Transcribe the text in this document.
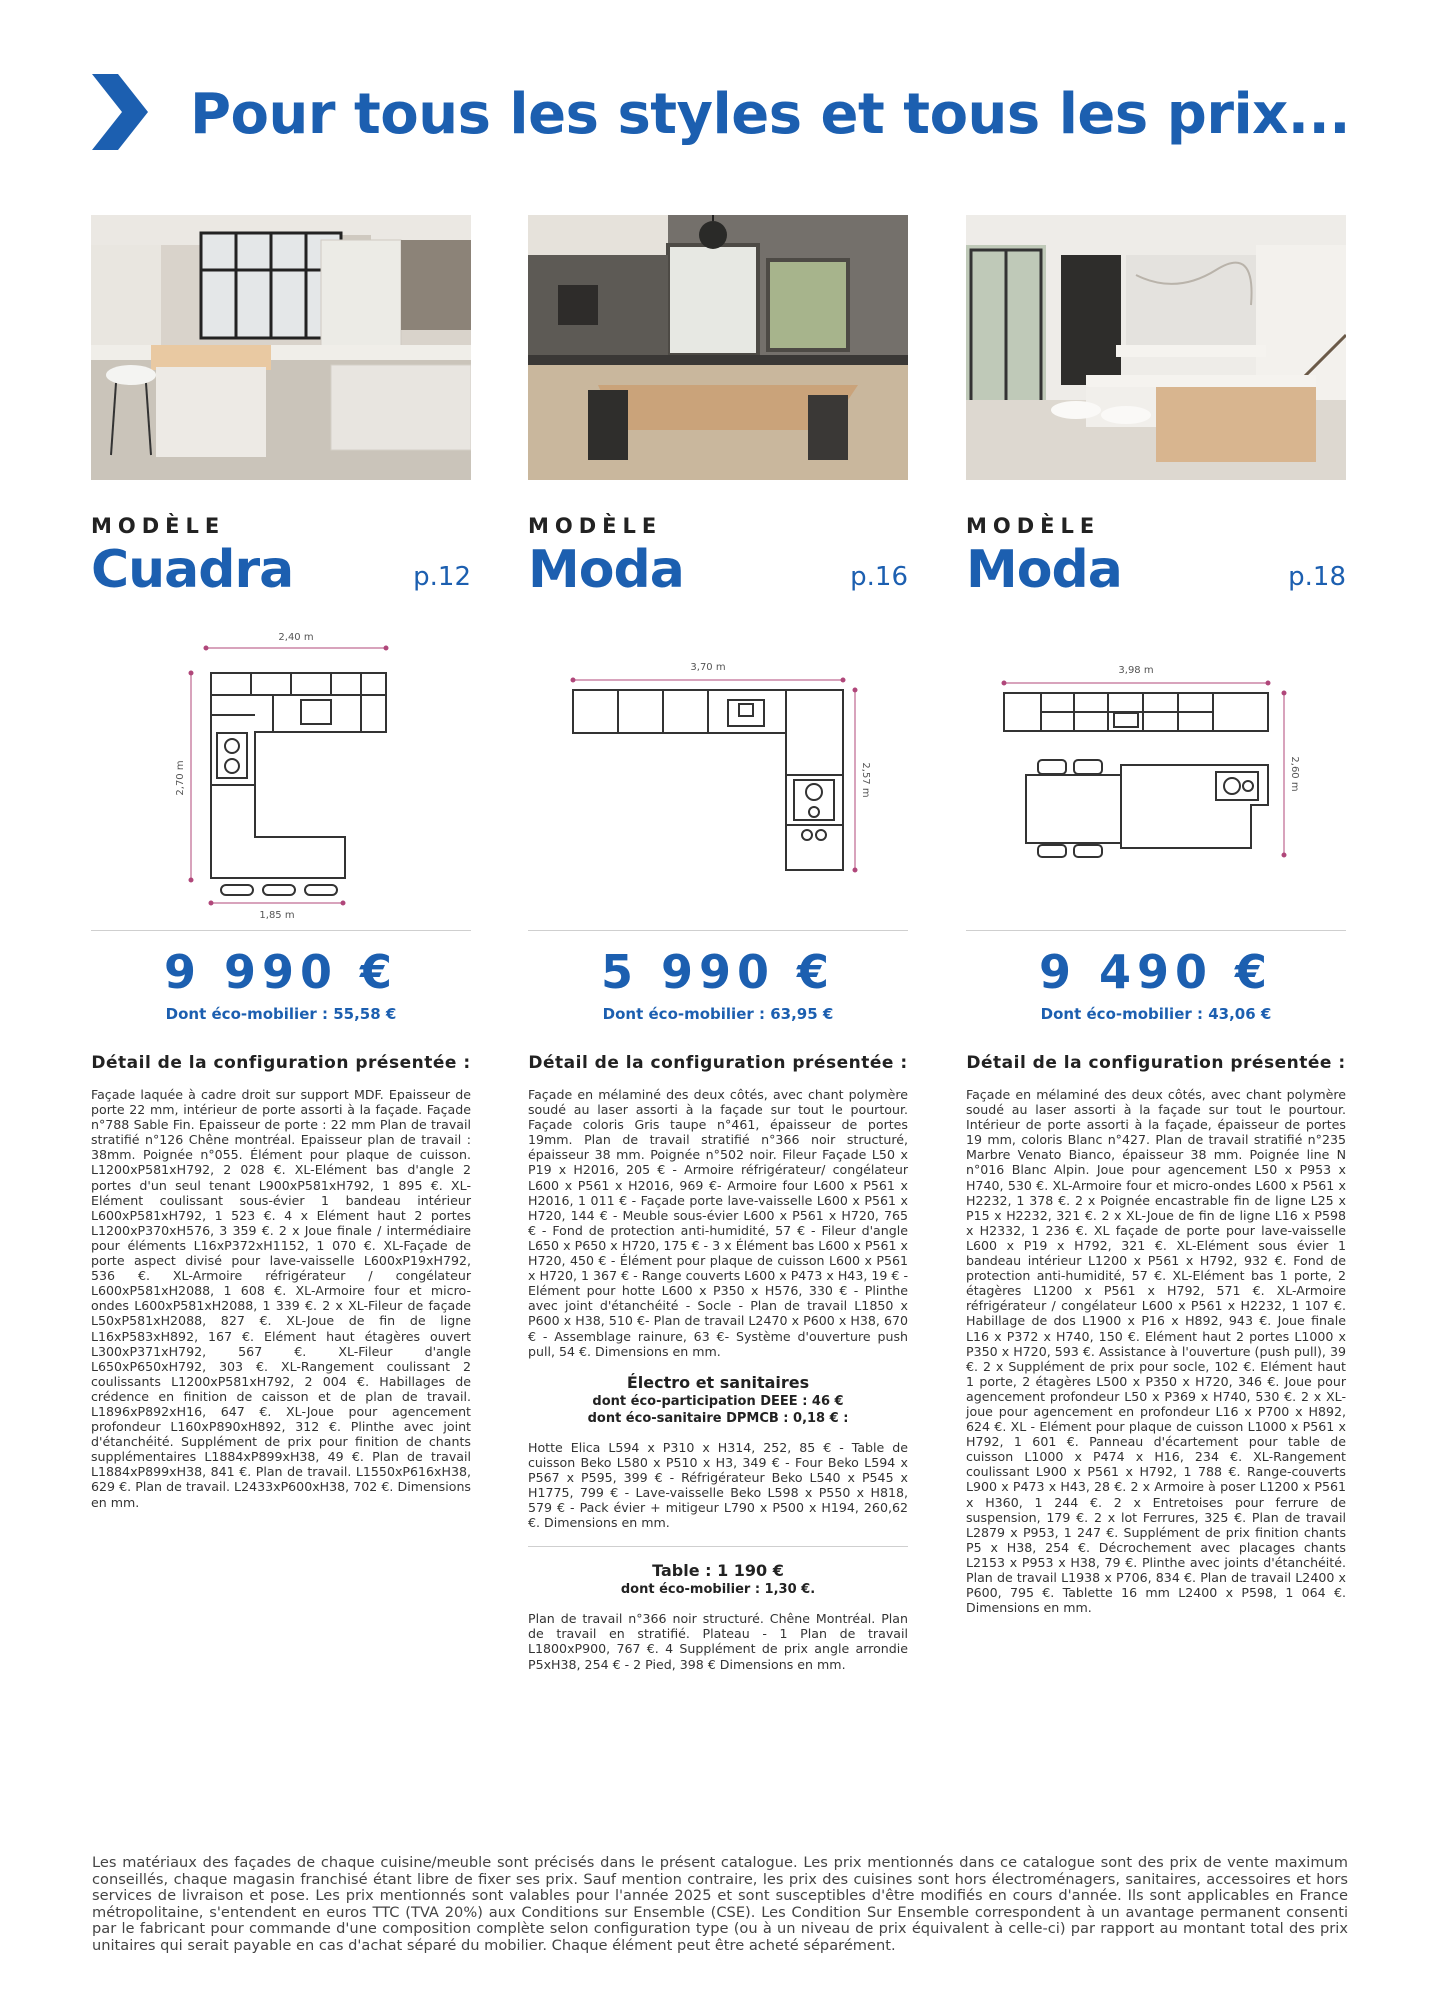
Pour tous les styles et tous les prix...
MODÈLE
Cuadra	p.12
2,40 m
2,70 m
1,85 m
9 990 €
Dont éco-mobilier : 55,58 €
Détail de la configuration présentée :
Façade laquée à cadre droit sur support MDF. Epaisseur de porte 22 mm, intérieur de porte assorti à la façade. Façade n°788 Sable Fin. Epaisseur de porte : 22 mm Plan de travail stratifié n°126 Chêne montréal. Epaisseur plan de travail : 38mm. Poignée n°055. Élément pour plaque de cuisson. L1200xP581xH792, 2 028 €. XL-Elément bas d'angle 2 portes d'un seul tenant L900xP581xH792, 1 895 €. XL-Elément coulissant sous-évier 1 bandeau intérieur L600xP581xH792, 1 523 €. 4 x Elément haut 2 portes L1200xP370xH576, 3 359 €. 2 x Joue finale / intermédiaire pour éléments L16xP372xH1152, 1 070 €. XL-Façade de porte aspect divisé pour lave-vaisselle L600xP19xH792, 536 €. XL-Armoire réfrigérateur / congélateur L600xP581xH2088, 1 608 €. XL-Armoire four et micro-ondes L600xP581xH2088, 1 339 €. 2 x XL-Fileur de façade L50xP581xH2088, 827 €. XL-Joue de fin de ligne L16xP583xH892, 167 €. Elément haut étagères ouvert L300xP371xH792, 567 €. XL-Fileur d'angle L650xP650xH792, 303 €. XL-Rangement coulissant 2 coulissants L1200xP581xH792, 2 004 €. Habillages de crédence en finition de caisson et de plan de travail. L1896xP892xH16, 647 €. XL-Joue pour agencement profondeur L160xP890xH892, 312 €. Plinthe avec joint d'étanchéité. Supplément de prix pour finition de chants supplémentaires L1884xP899xH38, 49 €. Plan de travail L1884xP899xH38, 841 €. Plan de travail. L1550xP616xH38, 629 €. Plan de travail. L2433xP600xH38, 702 €. Dimensions en mm.
MODÈLE
Moda	p.16
3,70 m
2,57 m
5 990 €
Dont éco-mobilier : 63,95 €
Détail de la configuration présentée :
Façade en mélaminé des deux côtés, avec chant polymère soudé au laser assorti à la façade sur tout le pourtour. Façade coloris Gris taupe n°461, épaisseur de portes 19mm. Plan de travail stratifié n°366 noir structuré, épaisseur 38 mm. Poignée n°502 noir. Fileur Façade L50 x P19 x H2016, 205 € - Armoire réfrigérateur/ congélateur L600 x P561 x H2016, 969 €- Armoire four L600 x P561 x H2016, 1 011 € - Façade porte lave-vaisselle L600 x P561 x H720, 144 € - Meuble sous-évier L600 x P561 x H720, 765 € - Fond de protection anti-humidité, 57 € - Fileur d'angle L650 x P650 x H720, 175 € - 3 x Élément bas L600 x P561 x H720, 450 € - Élément pour plaque de cuisson L600 x P561 x H720, 1 367 € - Range couverts L600 x P473 x H43, 19 € - Elément pour hotte L600 x P350 x H576, 330 € - Plinthe avec joint d'étanchéité - Socle - Plan de travail L1850 x P600 x H38, 510 €- Plan de travail L2470 x P600 x H38, 670 € - Assemblage rainure, 63 €- Système d'ouverture push pull, 54 €. Dimensions en mm.
Électro et sanitaires
dont éco-participation DEEE : 46 €
dont éco-sanitaire DPMCB : 0,18 € :
Hotte Elica L594 x P310 x H314, 252, 85 € - Table de cuisson Beko L580 x P510 x H3, 349 € - Four Beko L594 x P567 x P595, 399 € - Réfrigérateur Beko L540 x P545 x H1775, 799 € - Lave-vaisselle Beko L598 x P550 x H818, 579 € - Pack évier + mitigeur L790 x P500 x H194, 260,62 €. Dimensions en mm.
Table : 1 190 €
dont éco-mobilier : 1,30 €.
Plan de travail n°366 noir structuré. Chêne Montréal. Plan de travail en stratifié. Plateau - 1 Plan de travail L1800xP900, 767 €. 4 Supplément de prix angle arrondie P5xH38, 254 € - 2 Pied, 398 € Dimensions en mm.
MODÈLE
Moda	p.18
3,98 m
2,60 m
9 490 €
Dont éco-mobilier : 43,06 €
Détail de la configuration présentée :
Façade en mélaminé des deux côtés, avec chant polymère soudé au laser assorti à la façade sur tout le pourtour. Intérieur de porte assorti à la façade, épaisseur de portes 19 mm, coloris Blanc n°427. Plan de travail stratifié n°235 Marbre Venato Bianco, épaisseur 38 mm. Poignée line N n°016 Blanc Alpin. Joue pour agencement L50 x P953 x H740, 530 €. XL-Armoire four et micro-ondes L600 x P561 x H2232, 1 378 €. 2 x Poignée encastrable fin de ligne L25 x P15 x H2232, 321 €. 2 x XL-Joue de fin de ligne L16 x P598 x H2332, 1 236 €. XL façade de porte pour lave-vaisselle L600 x P19 x H792, 321 €. XL-Elément sous évier 1 bandeau intérieur L1200 x P561 x H792, 932 €. Fond de protection anti-humidité, 57 €. XL-Elément bas 1 porte, 2 étagères L1200 x P561 x H792, 571 €. XL-Armoire réfrigérateur / congélateur L600 x P561 x H2232, 1 107 €. Habillage de dos L1900 x P16 x H892, 943 €. Joue finale L16 x P372 x H740, 150 €. Elément haut 2 portes L1000 x P350 x H720, 593 €. Assistance à l'ouverture (push pull), 39 €. 2 x Supplément de prix pour socle, 102 €. Elément haut 1 porte, 2 étagères L500 x P350 x H720, 346 €. Joue pour agencement profondeur L50 x P369 x H740, 530 €. 2 x XL-joue pour agencement en profondeur L16 x P700 x H892, 624 €. XL - Elément pour plaque de cuisson L1000 x P561 x H792, 1 601 €. Panneau d'écartement pour table de cuisson L1000 x P474 x H16, 234 €. XL-Rangement coulissant L900 x P561 x H792, 1 788 €. Range-couverts L900 x P473 x H43, 28 €. 2 x Armoire à poser L1200 x P561 x H360, 1 244 €. 2 x Entretoises pour ferrure de suspension, 179 €. 2 x lot Ferrures, 325 €. Plan de travail L2879 x P953, 1 247 €. Supplément de prix finition chants P5 x H38, 254 €. Décrochement avec placages chants L2153 x P953 x H38, 79 €. Plinthe avec joints d'étanchéité. Plan de travail L1938 x P706, 834 €. Plan de travail L2400 x P600, 795 €. Tablette 16 mm L2400 x P598, 1 064 €. Dimensions en mm.
Les matériaux des façades de chaque cuisine/meuble sont précisés dans le présent catalogue. Les prix mentionnés dans ce catalogue sont des prix de vente maximum conseillés, chaque magasin franchisé étant libre de fixer ses prix. Sauf mention contraire, les prix des cuisines sont hors électroménagers, sanitaires, accessoires et hors services de livraison et pose. Les prix mentionnés sont valables pour l'année 2025 et sont susceptibles d'être modifiés en cours d'année. Ils sont applicables en France métropolitaine, s'entendent en euros TTC (TVA 20%) aux Conditions sur Ensemble (CSE). Les Condition Sur Ensemble correspondent à un avantage permanent consenti par le fabricant pour commande d'une composition complète selon configuration type (ou à un niveau de prix équivalent à celle-ci) par rapport au montant total des prix unitaires qui serait payable en cas d'achat séparé du mobilier. Chaque élément peut être acheté séparément.
